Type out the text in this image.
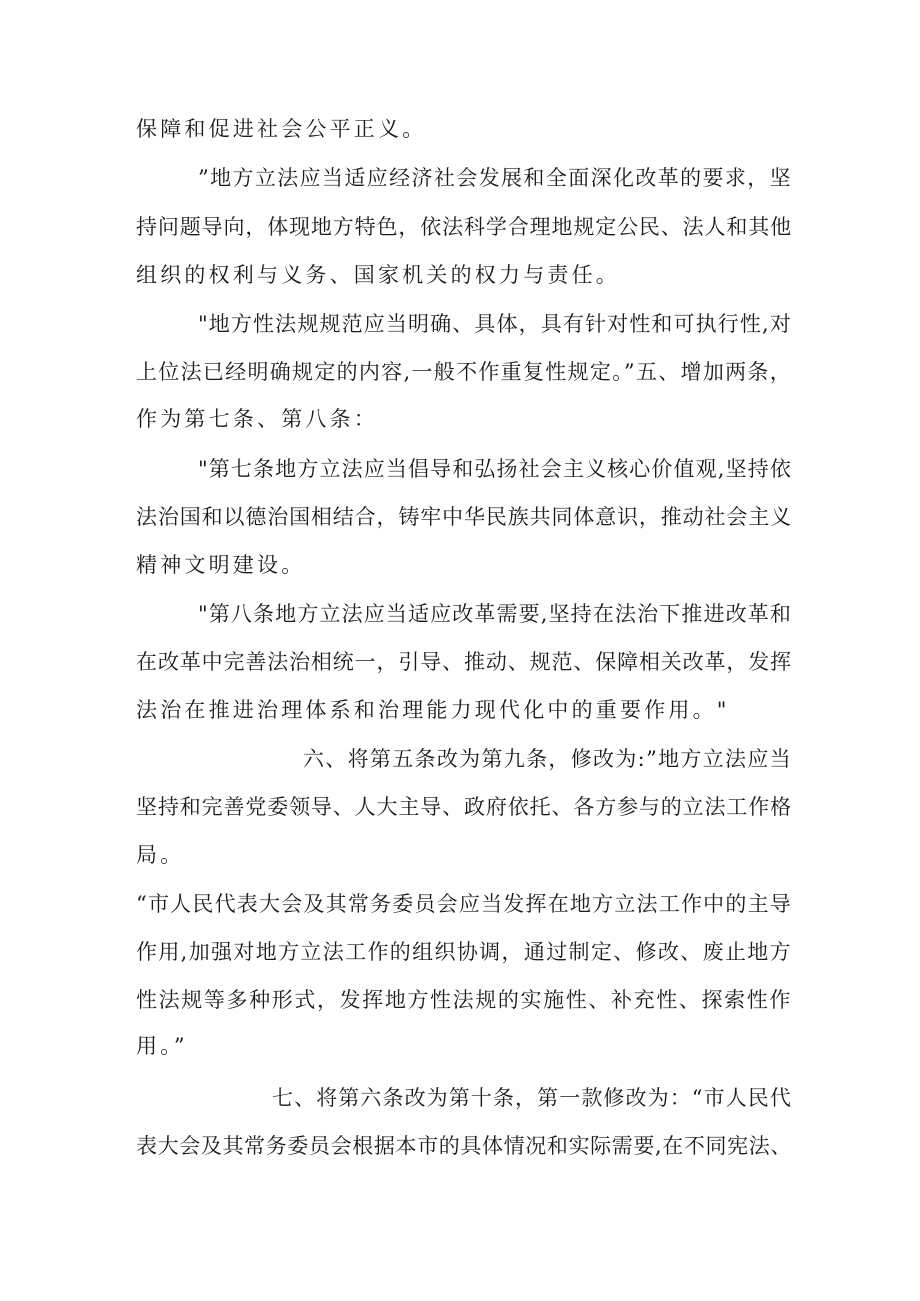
保障和促进社会公平正义。
”地方立法应当适应经济社会发展和全面深化改革的要求，坚
持问题导向，体现地方特色，依法科学合理地规定公民、法人和其他
组织的权利与义务、国家机关的权力与责任。
"地方性法规规范应当明确、具体，具有针对性和可执行性,对
上位法已经明确规定的内容,一般不作重复性规定。”五、增加两条，
作为第七条、第八条：
"第七条地方立法应当倡导和弘扬社会主义核心价值观,坚持依
法治国和以德治国相结合，铸牢中华民族共同体意识，推动社会主义
精神文明建设。
"第八条地方立法应当适应改革需要,坚持在法治下推进改革和
在改革中完善法治相统一，引导、推动、规范、保障相关改革，发挥
法治在推进治理体系和治理能力现代化中的重要作用。"
六、将第五条改为第九条，修改为:”地方立法应当
坚持和完善党委领导、人大主导、政府依托、各方参与的立法工作格
局。
“市人民代表大会及其常务委员会应当发挥在地方立法工作中的主导
作用,加强对地方立法工作的组织协调，通过制定、修改、废止地方
性法规等多种形式，发挥地方性法规的实施性、补充性、探索性作
用。”
七、将第六条改为第十条，第一款修改为：“市人民代
表大会及其常务委员会根据本市的具体情况和实际需要,在不同宪法、
